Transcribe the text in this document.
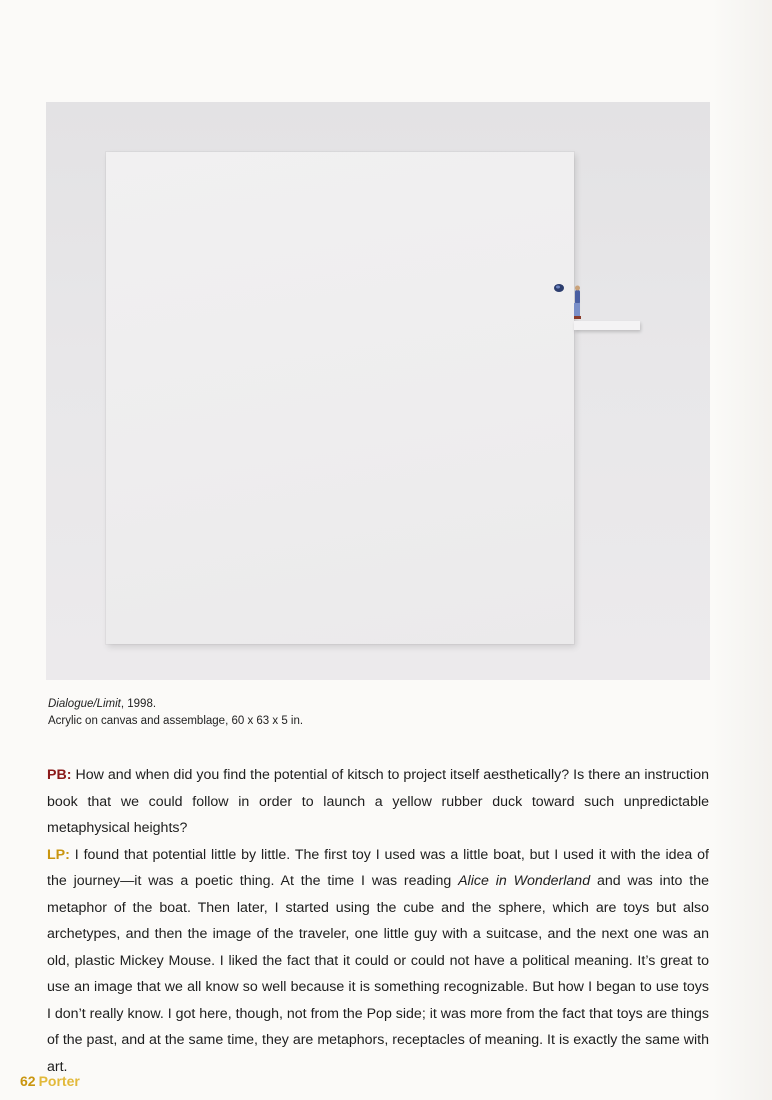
Dialogue/Limit, 1998.
Acrylic on canvas and assemblage, 60 x 63 x 5 in.

PB: How and when did you find the potential of kitsch to project itself aesthetically? Is there an instruction book that we could follow in order to launch a yellow rubber duck toward such unpredictable metaphysical heights?

LP: I found that potential little by little. The first toy I used was a little boat, but I used it with the idea of the journey—it was a poetic thing. At the time I was reading Alice in Wonderland and was into the metaphor of the boat. Then later, I started using the cube and the sphere, which are toys but also archetypes, and then the image of the traveler, one little guy with a suitcase, and the next one was an old, plastic Mickey Mouse. I liked the fact that it could or could not have a political meaning. It’s great to use an image that we all know so well because it is something recognizable. But how I began to use toys I don’t really know. I got here, though, not from the Pop side; it was more from the fact that toys are things of the past, and at the same time, they are metaphors, receptacles of meaning. It is exactly the same with art.

62 Porter
